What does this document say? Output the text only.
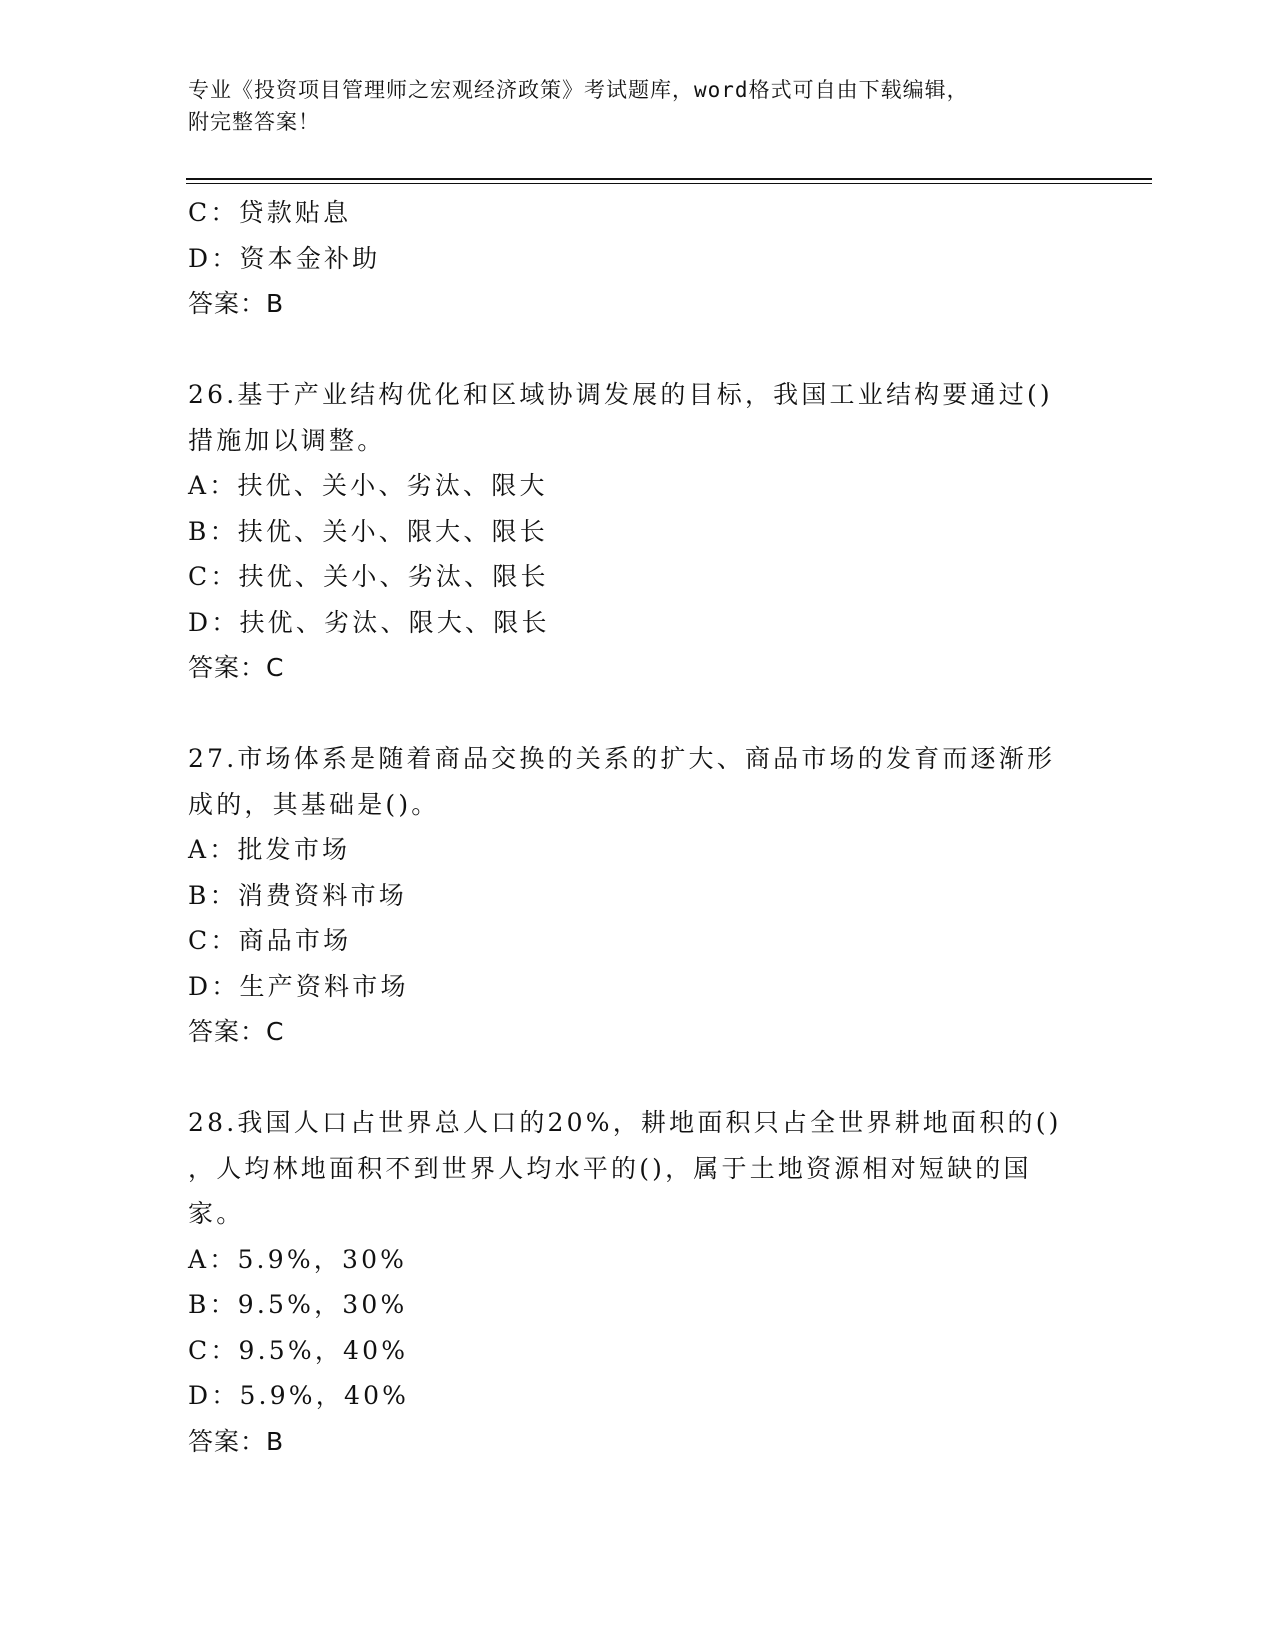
专业《投资项目管理师之宏观经济政策》考试题库，word格式可自由下载编辑，
附完整答案！
C：贷款贴息
D：资本金补助
答案：B
26.基于产业结构优化和区域协调发展的目标，我国工业结构要通过()
措施加以调整。
A：扶优、关小、劣汰、限大
B：扶优、关小、限大、限长
C：扶优、关小、劣汰、限长
D：扶优、劣汰、限大、限长
答案：C
27.市场体系是随着商品交换的关系的扩大、商品市场的发育而逐渐形
成的，其基础是()。
A：批发市场
B：消费资料市场
C：商品市场
D：生产资料市场
答案：C
28.我国人口占世界总人口的20%，耕地面积只占全世界耕地面积的()
，人均林地面积不到世界人均水平的()，属于土地资源相对短缺的国
家。
A：5.9%，30%
B：9.5%，30%
C：9.5%，40%
D：5.9%，40%
答案：B
